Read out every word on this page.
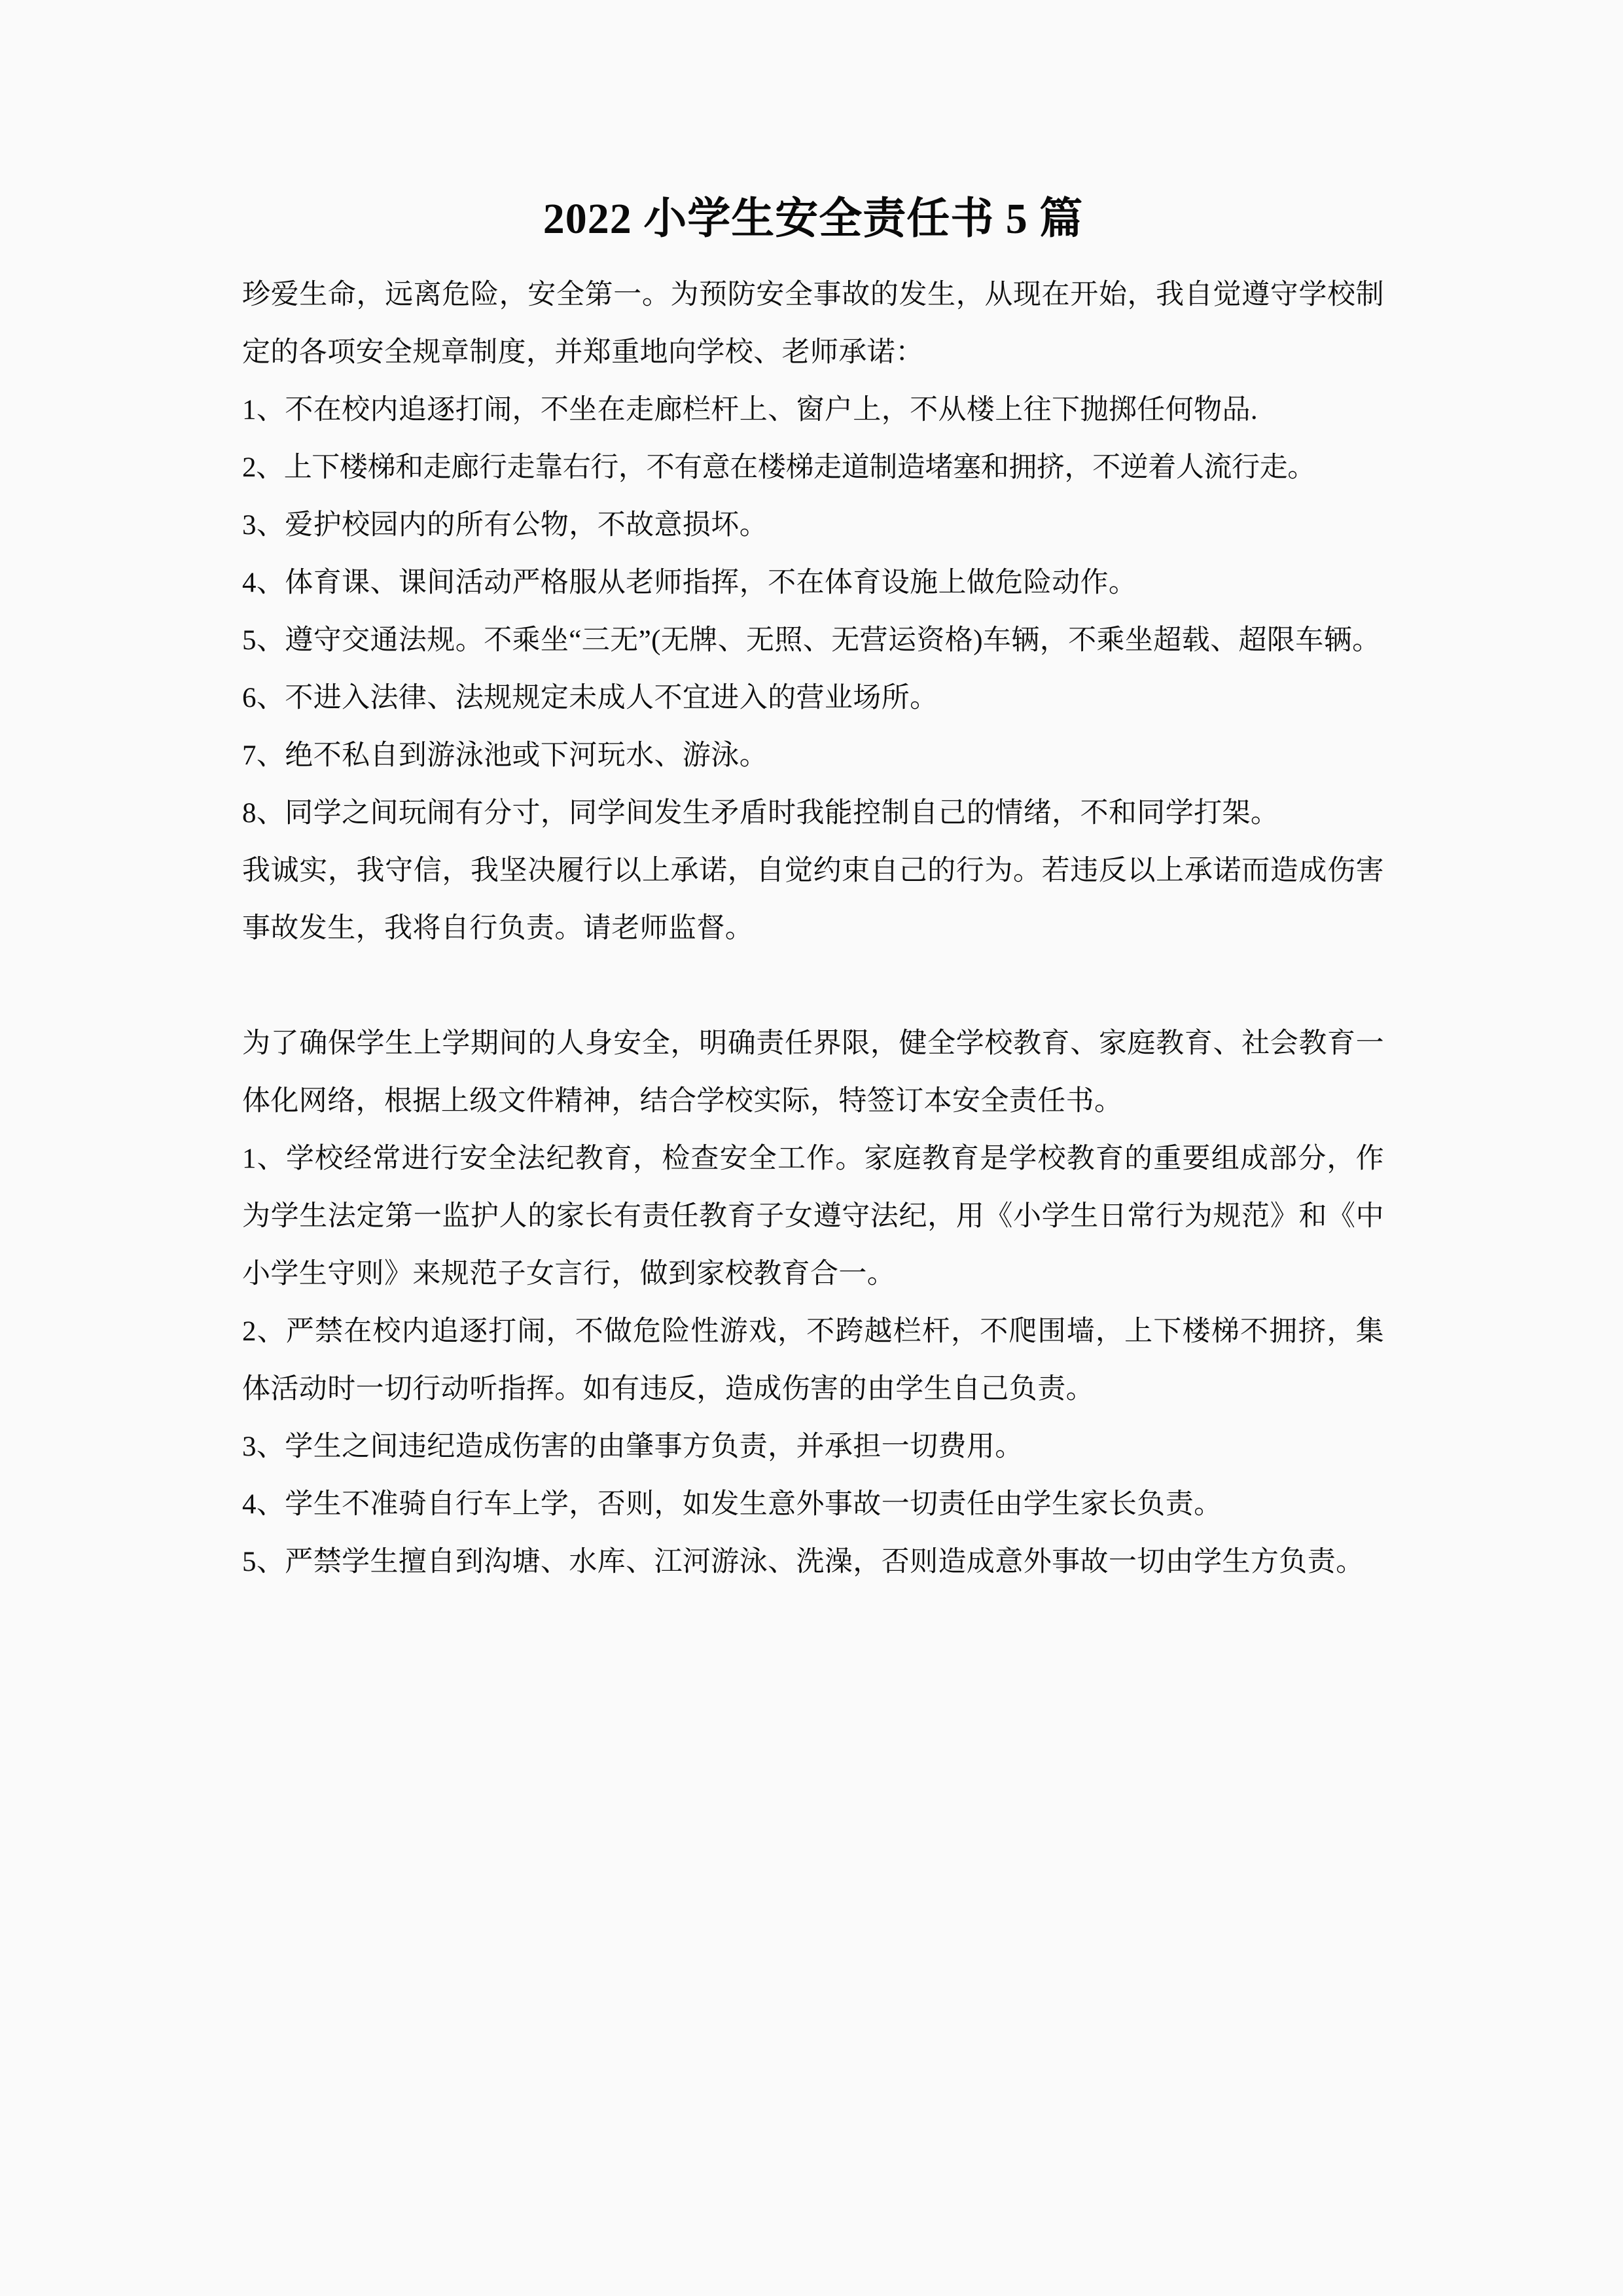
2022 小学生安全责任书 5 篇

珍爱生命，远离危险，安全第一。为预防安全事故的发生，从现在开始，我自觉遵守学校制定的各项安全规章制度，并郑重地向学校、老师承诺：

1、不在校内追逐打闹，不坐在走廊栏杆上、窗户上，不从楼上往下抛掷任何物品.

2、上下楼梯和走廊行走靠右行，不有意在楼梯走道制造堵塞和拥挤，不逆着人流行走。

3、爱护校园内的所有公物，不故意损坏。

4、体育课、课间活动严格服从老师指挥，不在体育设施上做危险动作。

5、遵守交通法规。不乘坐“三无”(无牌、无照、无营运资格)车辆，不乘坐超载、超限车辆。

6、不进入法律、法规规定未成人不宜进入的营业场所。

7、绝不私自到游泳池或下河玩水、游泳。

8、同学之间玩闹有分寸，同学间发生矛盾时我能控制自己的情绪，不和同学打架。

我诚实，我守信，我坚决履行以上承诺，自觉约束自己的行为。若违反以上承诺而造成伤害事故发生，我将自行负责。请老师监督。

为了确保学生上学期间的人身安全，明确责任界限，健全学校教育、家庭教育、社会教育一体化网络，根据上级文件精神，结合学校实际，特签订本安全责任书。

1、学校经常进行安全法纪教育，检查安全工作。家庭教育是学校教育的重要组成部分，作为学生法定第一监护人的家长有责任教育子女遵守法纪，用《小学生日常行为规范》和《中小学生守则》来规范子女言行，做到家校教育合一。

2、严禁在校内追逐打闹，不做危险性游戏，不跨越栏杆，不爬围墙，上下楼梯不拥挤，集体活动时一切行动听指挥。如有违反，造成伤害的由学生自己负责。

3、学生之间违纪造成伤害的由肇事方负责，并承担一切费用。

4、学生不准骑自行车上学，否则，如发生意外事故一切责任由学生家长负责。

5、严禁学生擅自到沟塘、水库、江河游泳、洗澡，否则造成意外事故一切由学生方负责。
